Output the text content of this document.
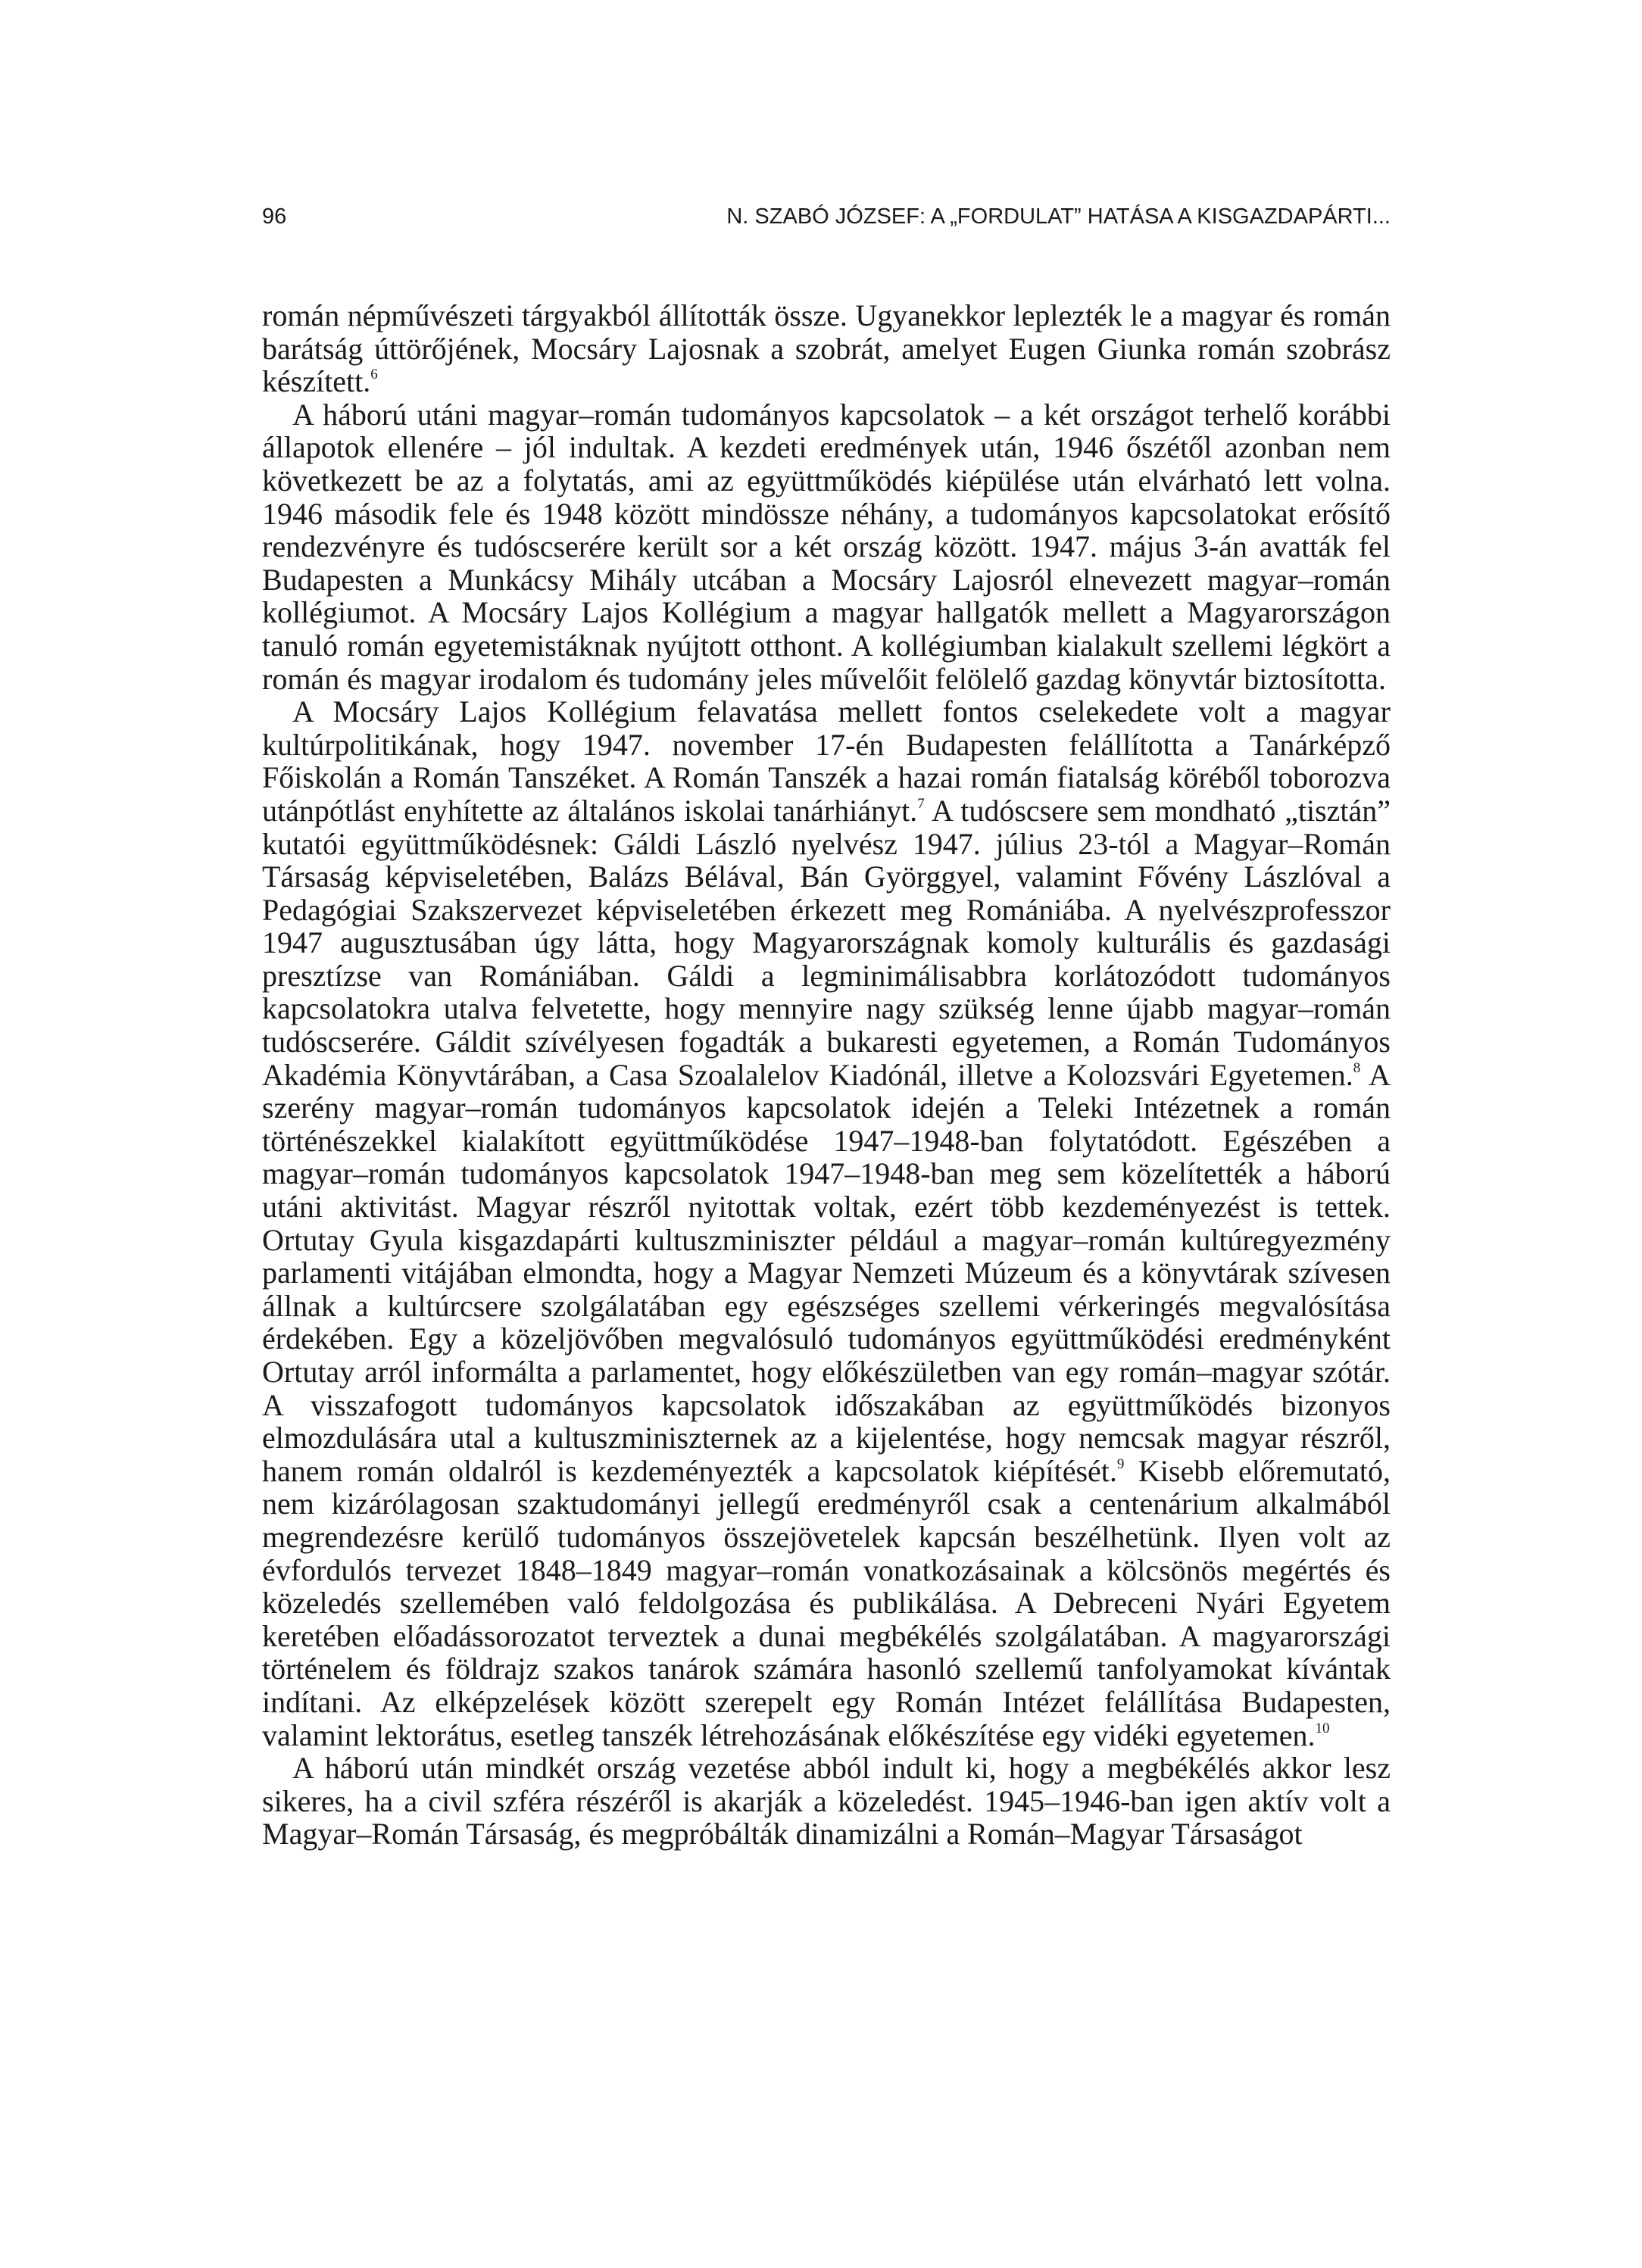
96	N. SZABÓ JÓZSEF: A „FORDULAT” HATÁSA A KISGAZDAPÁRTI...

román népművészeti tárgyakból állították össze. Ugyanekkor leplezték le a magyar és román barátság úttörőjének, Mocsáry Lajosnak a szobrát, amelyet Eugen Giunka román szobrász készített.$^6$

A háború utáni magyar–román tudományos kapcsolatok – a két országot terhelő korábbi állapotok ellenére – jól indultak. A kezdeti eredmények után, 1946 őszétől azonban nem következett be az a folytatás, ami az együttműködés kiépülése után elvárható lett volna. 1946 második fele és 1948 között mindössze néhány, a tudományos kapcsolatokat erősítő rendezvényre és tudóscserére került sor a két ország között. 1947. május 3-án avatták fel Budapesten a Munkácsy Mihály utcában a Mocsáry Lajosról elnevezett magyar–román kollégiumot. A Mocsáry Lajos Kollégium a magyar hallgatók mellett a Magyarországon tanuló román egyetemistáknak nyújtott otthont. A kollégiumban kialakult szellemi légkört a román és magyar irodalom és tudomány jeles művelőit felölelő gazdag könyvtár biztosította.

A Mocsáry Lajos Kollégium felavatása mellett fontos cselekedete volt a magyar kultúrpolitikának, hogy 1947. november 17-én Budapesten felállította a Tanárképző Főiskolán a Román Tanszéket. A Román Tanszék a hazai román fiatalság köréből toborozva utánpótlást enyhítette az általános iskolai tanárhiányt.$^7$ A tudóscsere sem mondható „tisztán” kutatói együttműködésnek: Gáldi László nyelvész 1947. július 23-tól a Magyar–Román Társaság képviseletében, Balázs Bélával, Bán Györggyel, valamint Fővény Lászlóval a Pedagógiai Szakszervezet képviseletében érkezett meg Romániába. A nyelvészprofesszor 1947 augusztusában úgy látta, hogy Magyarországnak komoly kulturális és gazdasági presztízse van Romániában. Gáldi a legminimálisabbra korlátozódott tudományos kapcsolatokra utalva felvetette, hogy mennyire nagy szükség lenne újabb magyar–román tudóscserére. Gáldit szívélyesen fogadták a bukaresti egyetemen, a Román Tudományos Akadémia Könyvtárában, a Casa Szoalalelov Kiadónál, illetve a Kolozsvári Egyetemen.$^8$ A szerény magyar–román tudományos kapcsolatok idején a Teleki Intézetnek a román történészekkel kialakított együttműködése 1947–1948-ban folytatódott. Egészében a magyar–román tudományos kapcsolatok 1947–1948-ban meg sem közelítették a háború utáni aktivitást. Magyar részről nyitottak voltak, ezért több kezdeményezést is tettek. Ortutay Gyula kisgazdapárti kultuszminiszter például a magyar–román kultúregyezmény parlamenti vitájában elmondta, hogy a Magyar Nemzeti Múzeum és a könyvtárak szívesen állnak a kultúrcsere szolgálatában egy egészséges szellemi vérkeringés megvalósítása érdekében. Egy a közeljövőben megvalósuló tudományos együttműködési eredményként Ortutay arról informálta a parlamentet, hogy előkészületben van egy román–magyar szótár. A visszafogott tudományos kapcsolatok időszakában az együttműködés bizonyos elmozdulására utal a kultuszminiszternek az a kijelentése, hogy nemcsak magyar részről, hanem román oldalról is kezdeményezték a kapcsolatok kiépítését.$^9$ Kisebb előremutató, nem kizárólagosan szaktudományi jellegű eredményről csak a centenárium alkalmából megrendezésre kerülő tudományos összejövetelek kapcsán beszélhetünk. Ilyen volt az évfordulós tervezet 1848–1849 magyar–román vonatkozásainak a kölcsönös megértés és közeledés szellemében való feldolgozása és publikálása. A Debreceni Nyári Egyetem keretében előadássorozatot terveztek a dunai megbékélés szolgálatában. A magyarországi történelem és földrajz szakos tanárok számára hasonló szellemű tanfolyamokat kívántak indítani. Az elképzelések között szerepelt egy Román Intézet felállítása Budapesten, valamint lektorátus, esetleg tanszék létrehozásának előkészítése egy vidéki egyetemen.$^{10}$

A háború után mindkét ország vezetése abból indult ki, hogy a megbékélés akkor lesz sikeres, ha a civil szféra részéről is akarják a közeledést. 1945–1946-ban igen aktív volt a Magyar–Román Társaság, és megpróbálták dinamizálni a Román–Magyar Társaságot
